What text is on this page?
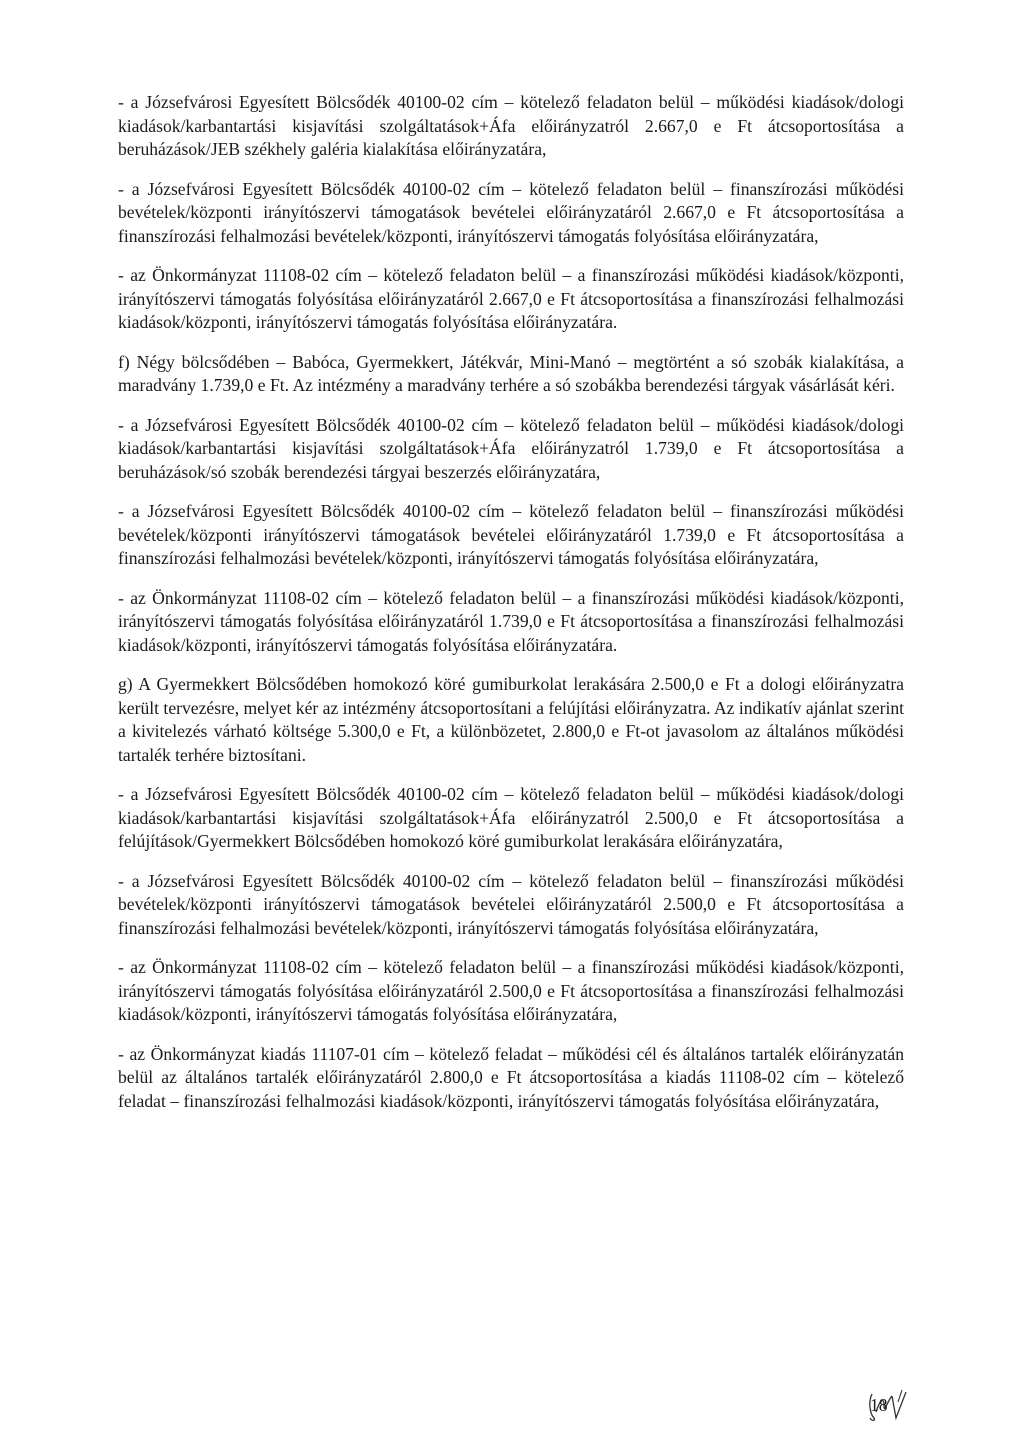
- a Józsefvárosi Egyesített Bölcsődék 40100-02 cím – kötelező feladaton belül – működési kiadások/dologi kiadások/karbantartási kisjavítási szolgáltatások+Áfa előirányzatról 2.667,0 e Ft átcsoportosítása a beruházások/JEB székhely galéria kialakítása előirányzatára,

- a Józsefvárosi Egyesített Bölcsődék 40100-02 cím – kötelező feladaton belül – finanszírozási működési bevételek/központi irányítószervi támogatások bevételei előirányzatáról 2.667,0 e Ft átcsoportosítása a finanszírozási felhalmozási bevételek/központi, irányítószervi támogatás folyósítása előirányzatára,

- az Önkormányzat 11108-02 cím – kötelező feladaton belül – a finanszírozási működési kiadások/központi, irányítószervi támogatás folyósítása előirányzatáról 2.667,0 e Ft átcsoportosítása a finanszírozási felhalmozási kiadások/központi, irányítószervi támogatás folyósítása előirányzatára.

f) Négy bölcsődében – Babóca, Gyermekkert, Játékvár, Mini-Manó – megtörtént a só szobák kialakítása, a maradvány 1.739,0 e Ft. Az intézmény a maradvány terhére a só szobákba berendezési tárgyak vásárlását kéri.

- a Józsefvárosi Egyesített Bölcsődék 40100-02 cím – kötelező feladaton belül – működési kiadások/dologi kiadások/karbantartási kisjavítási szolgáltatások+Áfa előirányzatról 1.739,0 e Ft átcsoportosítása a beruházások/só szobák berendezési tárgyai beszerzés előirányzatára,

- a Józsefvárosi Egyesített Bölcsődék 40100-02 cím – kötelező feladaton belül – finanszírozási működési bevételek/központi irányítószervi támogatások bevételei előirányzatáról 1.739,0 e Ft átcsoportosítása a finanszírozási felhalmozási bevételek/központi, irányítószervi támogatás folyósítása előirányzatára,

- az Önkormányzat 11108-02 cím – kötelező feladaton belül – a finanszírozási működési kiadások/központi, irányítószervi támogatás folyósítása előirányzatáról 1.739,0 e Ft átcsoportosítása a finanszírozási felhalmozási kiadások/központi, irányítószervi támogatás folyósítása előirányzatára.

g) A Gyermekkert Bölcsődében homokozó köré gumiburkolat lerakására 2.500,0 e Ft a dologi előirányzatra került tervezésre, melyet kér az intézmény átcsoportosítani a felújítási előirányzatra. Az indikatív ajánlat szerint a kivitelezés várható költsége 5.300,0 e Ft, a különbözetet, 2.800,0 e Ft-ot javasolom az általános működési tartalék terhére biztosítani.

- a Józsefvárosi Egyesített Bölcsődék 40100-02 cím – kötelező feladaton belül – működési kiadások/dologi kiadások/karbantartási kisjavítási szolgáltatások+Áfa előirányzatról 2.500,0 e Ft átcsoportosítása a felújítások/Gyermekkert Bölcsődében homokozó köré gumiburkolat lerakására előirányzatára,

- a Józsefvárosi Egyesített Bölcsődék 40100-02 cím – kötelező feladaton belül – finanszírozási működési bevételek/központi irányítószervi támogatások bevételei előirányzatáról 2.500,0 e Ft átcsoportosítása a finanszírozási felhalmozási bevételek/központi, irányítószervi támogatás folyósítása előirányzatára,

- az Önkormányzat 11108-02 cím – kötelező feladaton belül – a finanszírozási működési kiadások/központi, irányítószervi támogatás folyósítása előirányzatáról 2.500,0 e Ft átcsoportosítása a finanszírozási felhalmozási kiadások/központi, irányítószervi támogatás folyósítása előirányzatára,

- az Önkormányzat kiadás 11107-01 cím – kötelező feladat – működési cél és általános tartalék előirányzatán belül az általános tartalék előirányzatáról 2.800,0 e Ft átcsoportosítása a kiadás 11108-02 cím – kötelező feladat – finanszírozási felhalmozási kiadások/központi, irányítószervi támogatás folyósítása előirányzatára,

18
